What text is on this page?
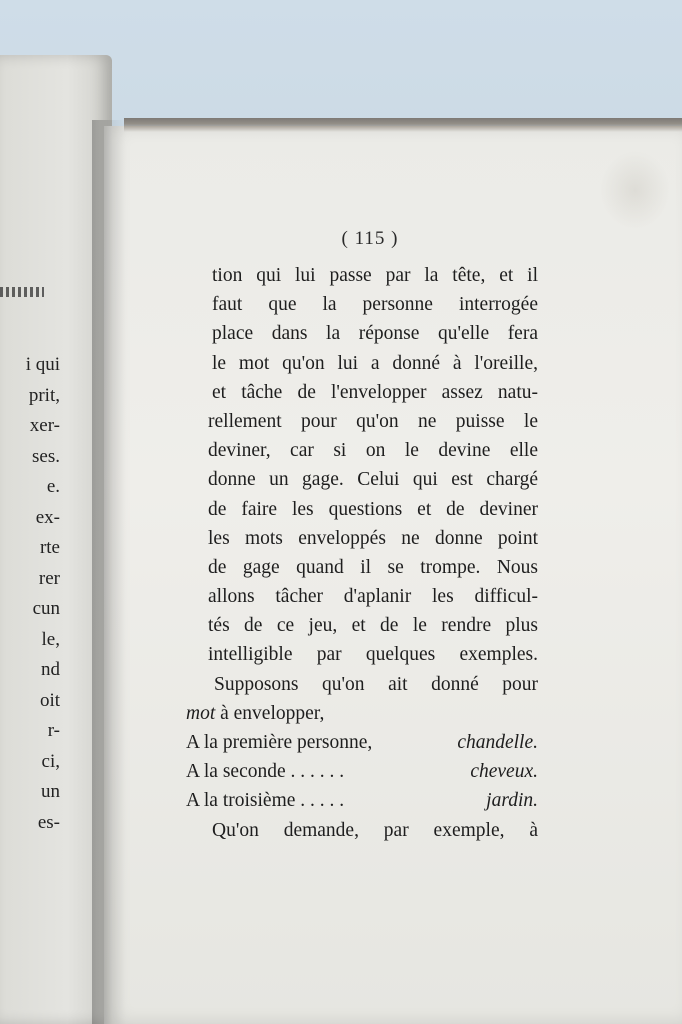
i qui
prit,
xer-
ses.
e.
ex-
rte
rer
cun
le,
nd
oit
r-
ci,
un
es-
( 115 )
tion qui lui passe par la tête, et il
faut que la personne interrogée
place dans la réponse qu'elle fera
le mot qu'on lui a donné à l'oreille,
et tâche de l'envelopper assez natu-
rellement pour qu'on ne puisse le
deviner, car si on le devine elle
donne un gage. Celui qui est chargé
de faire les questions et de deviner
les mots enveloppés ne donne point
de gage quand il se trompe. Nous
allons tâcher d'aplanir les difficul-
tés de ce jeu, et de le rendre plus
intelligible par quelques exemples.
Supposons qu'on ait donné pour
mot à envelopper,
A la première personne,	chandelle.
A la seconde . . . . . .	cheveux.
A la troisième . . . . .	jardin.
Qu'on demande, par exemple, à
